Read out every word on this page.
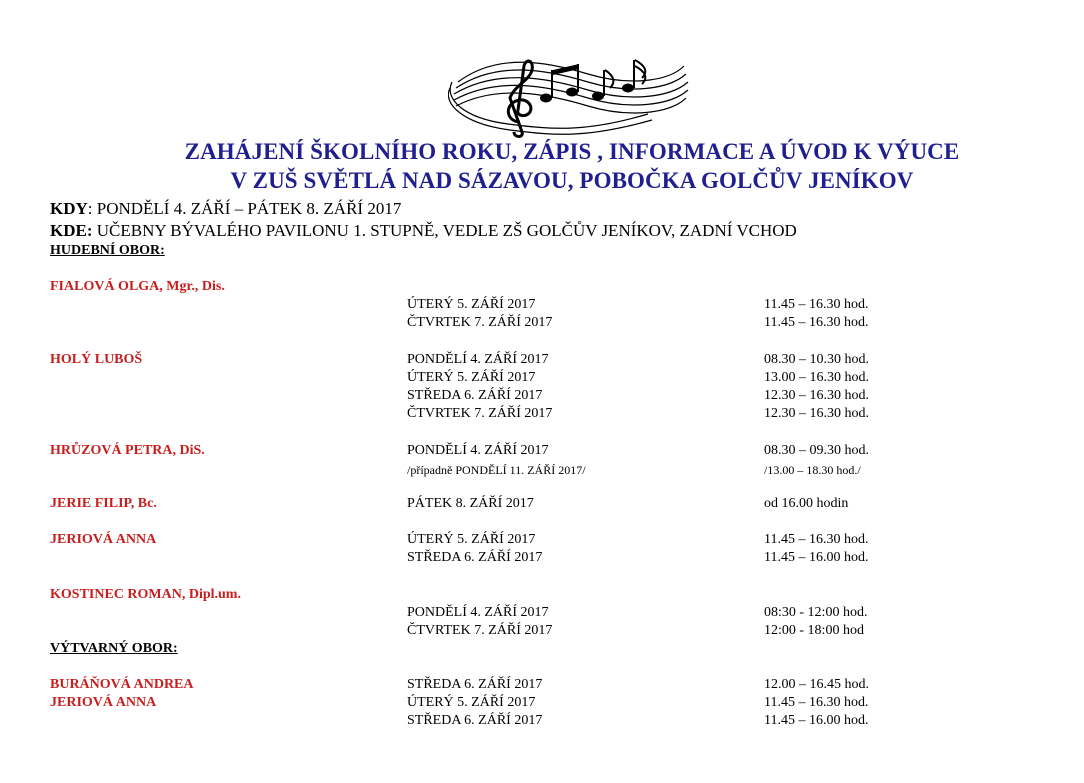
ZAHÁJENÍ ŠKOLNÍHO ROKU, ZÁPIS , INFORMACE A ÚVOD K VÝUCE
V ZUŠ SVĚTLÁ NAD SÁZAVOU, POBOČKA GOLČŮV JENÍKOV
KDY: PONDĚLÍ 4. ZÁŘÍ – PÁTEK 8. ZÁŘÍ 2017
KDE: UČEBNY BÝVALÉHO PAVILONU 1. STUPNĚ, VEDLE ZŠ GOLČŮV JENÍKOV, ZADNÍ VCHOD
HUDEBNÍ OBOR:
FIALOVÁ OLGA, Mgr., Dis.
ÚTERÝ 5. ZÁŘÍ 2017	11.45 – 16.30 hod.
ČTVRTEK 7. ZÁŘÍ 2017	11.45 – 16.30 hod.
HOLÝ LUBOŠ	PONDĚLÍ 4. ZÁŘÍ 2017	08.30 – 10.30 hod.
ÚTERÝ 5. ZÁŘÍ 2017	13.00 – 16.30 hod.
STŘEDA 6. ZÁŘÍ 2017	12.30 – 16.30 hod.
ČTVRTEK 7. ZÁŘÍ 2017	12.30 – 16.30 hod.
HRŮZOVÁ PETRA, DiS.	PONDĚLÍ 4. ZÁŘÍ 2017	08.30 – 09.30 hod.
/případně PONDĚLÍ 11. ZÁŘÍ 2017/	/13.00 – 18.30 hod./
JERIE FILIP, Bc.	PÁTEK 8. ZÁŘÍ 2017	od 16.00 hodin
JERIOVÁ ANNA	ÚTERÝ 5. ZÁŘÍ 2017	11.45 – 16.30 hod.
STŘEDA 6. ZÁŘÍ 2017	11.45 – 16.00 hod.
KOSTINEC ROMAN, Dipl.um.
PONDĚLÍ 4. ZÁŘÍ 2017	08:30 - 12:00 hod.
ČTVRTEK 7. ZÁŘÍ 2017	12:00 - 18:00 hod
VÝTVARNÝ OBOR:
BURÁŇOVÁ ANDREA	STŘEDA 6. ZÁŘÍ 2017	12.00 – 16.45 hod.
JERIOVÁ ANNA	ÚTERÝ 5. ZÁŘÍ 2017	11.45 – 16.30 hod.
STŘEDA 6. ZÁŘÍ 2017	11.45 – 16.00 hod.
